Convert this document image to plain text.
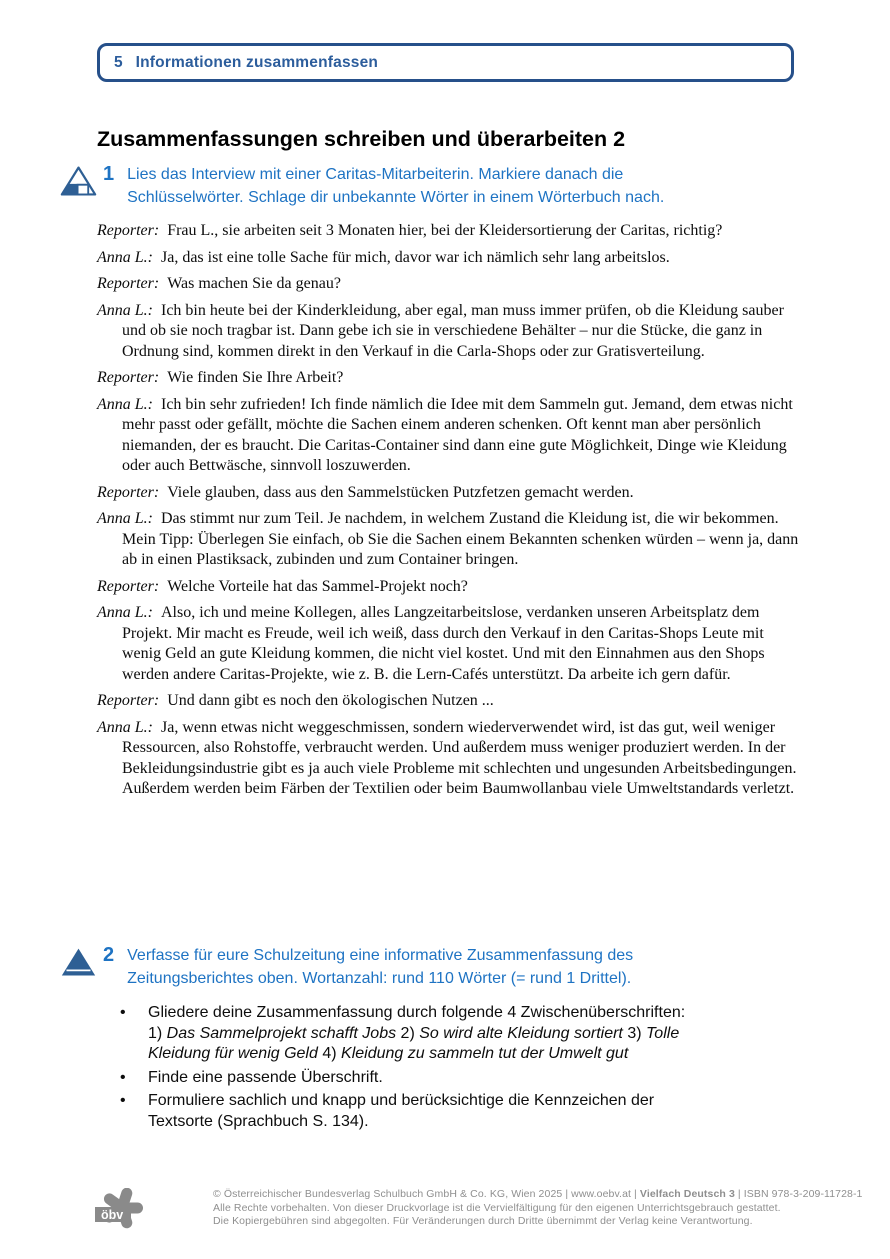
5 Informationen zusammenfassen
Zusammenfassungen schreiben und überarbeiten 2
1 Lies das Interview mit einer Caritas-Mitarbeiterin. Markiere danach die Schlüsselwörter. Schlage dir unbekannte Wörter in einem Wörterbuch nach.

Reporter: Frau L., sie arbeiten seit 3 Monaten hier, bei der Kleidersortierung der Caritas, richtig?

Anna L.: Ja, das ist eine tolle Sache für mich, davor war ich nämlich sehr lang arbeitslos.

Reporter: Was machen Sie da genau?

Anna L.: Ich bin heute bei der Kinderkleidung, aber egal, man muss immer prüfen, ob die Kleidung sauber und ob sie noch tragbar ist. Dann gebe ich sie in verschiedene Behälter – nur die Stücke, die ganz in Ordnung sind, kommen direkt in den Verkauf in die Carla-Shops oder zur Gratisverteilung.

Reporter: Wie finden Sie Ihre Arbeit?

Anna L.: Ich bin sehr zufrieden! Ich finde nämlich die Idee mit dem Sammeln gut. Jemand, dem etwas nicht mehr passt oder gefällt, möchte die Sachen einem anderen schenken. Oft kennt man aber persönlich niemanden, der es braucht. Die Caritas-Container sind dann eine gute Möglichkeit, Dinge wie Kleidung oder auch Bettwäsche, sinnvoll loszuwerden.

Reporter: Viele glauben, dass aus den Sammelstücken Putzfetzen gemacht werden.

Anna L.: Das stimmt nur zum Teil. Je nachdem, in welchem Zustand die Kleidung ist, die wir bekommen. Mein Tipp: Überlegen Sie einfach, ob Sie die Sachen einem Bekannten schenken würden – wenn ja, dann ab in einen Plastiksack, zubinden und zum Container bringen.

Reporter: Welche Vorteile hat das Sammel-Projekt noch?

Anna L.: Also, ich und meine Kollegen, alles Langzeitarbeitslose, verdanken unseren Arbeitsplatz dem Projekt. Mir macht es Freude, weil ich weiß, dass durch den Verkauf in den Caritas-Shops Leute mit wenig Geld an gute Kleidung kommen, die nicht viel kostet. Und mit den Einnahmen aus den Shops werden andere Caritas-Projekte, wie z. B. die Lern-Cafés unterstützt. Da arbeite ich gern dafür.

Reporter: Und dann gibt es noch den ökologischen Nutzen ...

Anna L.: Ja, wenn etwas nicht weggeschmissen, sondern wiederverwendet wird, ist das gut, weil weniger Ressourcen, also Rohstoffe, verbraucht werden. Und außerdem muss weniger produziert werden. In der Bekleidungsindustrie gibt es ja auch viele Probleme mit schlechten und ungesunden Arbeitsbedingungen. Außerdem werden beim Färben der Textilien oder beim Baumwollanbau viele Umweltstandards verletzt.

2 Verfasse für eure Schulzeitung eine informative Zusammenfassung des Zeitungsberichtes oben. Wortanzahl: rund 110 Wörter (= rund 1 Drittel).
•	Gliedere deine Zusammenfassung durch folgende 4 Zwischenüberschriften: 1) Das Sammelprojekt schafft Jobs 2) So wird alte Kleidung sortiert 3) Tolle Kleidung für wenig Geld 4) Kleidung zu sammeln tut der Umwelt gut
•	Finde eine passende Überschrift.
•	Formuliere sachlich und knapp und berücksichtige die Kennzeichen der Textsorte (Sprachbuch S. 134).
öbv

© Österreichischer Bundesverlag Schulbuch GmbH & Co. KG, Wien 2025 | www.oebv.at | Vielfach Deutsch 3 | ISBN 978-3-209-11728-1

Alle Rechte vorbehalten. Von dieser Druckvorlage ist die Vervielfältigung für den eigenen Unterrichtsgebrauch gestattet.

Die Kopiergebühren sind abgegolten. Für Veränderungen durch Dritte übernimmt der Verlag keine Verantwortung.
